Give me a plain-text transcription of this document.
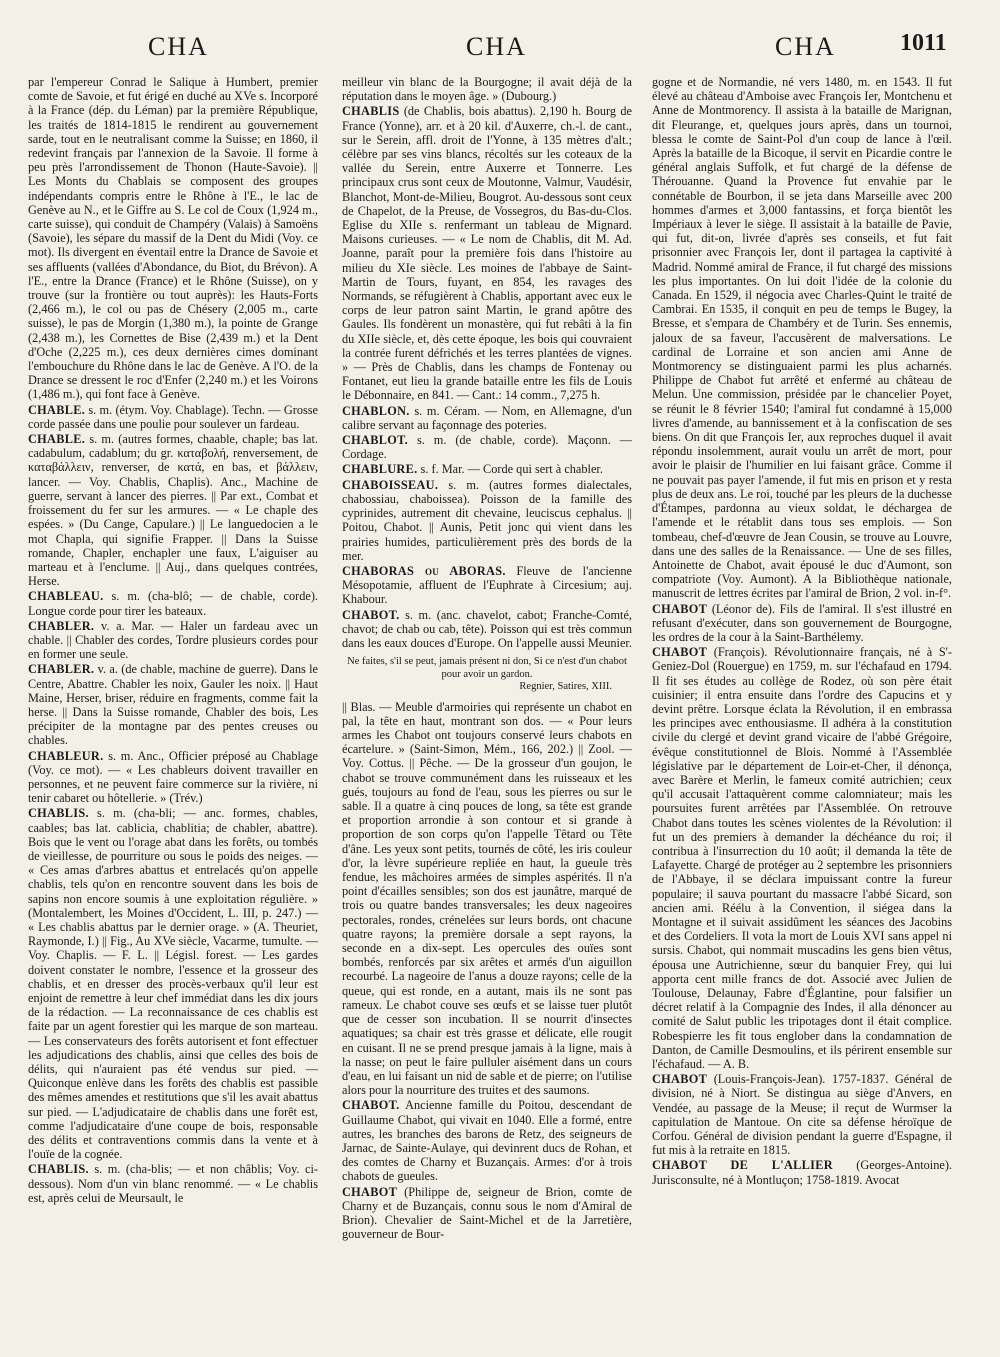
CHA	CHA	CHA	1011

par l'empereur Conrad le Salique à Humbert, premier comte de Savoie, et fut érigé en duché au XVe s. Incorporé à la France (dép. du Léman) par la première République, les traités de 1814-1815 le rendirent au gouvernement sarde, tout en le neutralisant comme la Suisse; en 1860, il redevint français par l'annexion de la Savoie. Il forme à peu près l'arrondissement de Thonon (Haute-Savoie). || Les Monts du Chablais se composent des groupes indépendants compris entre le Rhône à l'E., le lac de Genève au N., et le Giffre au S. Le col de Coux (1,924 m., carte suisse), qui conduit de Champéry (Valais) à Samoëns (Savoie), les sépare du massif de la Dent du Midi (Voy. ce mot). Ils divergent en éventail entre la Drance de Savoie et ses affluents (vallées d'Abondance, du Biot, du Brévon). A l'E., entre la Drance (France) et le Rhône (Suisse), on y trouve (sur la frontière ou tout auprès): les Hauts-Forts (2,466 m.), le col ou pas de Chésery (2,005 m., carte suisse), le pas de Morgin (1,380 m.), la pointe de Grange (2,438 m.), les Cornettes de Bise (2,439 m.) et la Dent d'Oche (2,225 m.), ces deux dernières cimes dominant l'embouchure du Rhône dans le lac de Genève. A l'O. de la Drance se dressent le roc d'Enfer (2,240 m.) et les Voirons (1,486 m.), qui font face à Genève.

CHABLE. s. m. (étym. Voy. Chablage). Techn. — Grosse corde passée dans une poulie pour soulever un fardeau.

CHABLE. s. m. (autres formes, chaable, chaple; bas lat. cadabulum, cadablum; du gr. καταβολή, renversement, de καταβάλλειν, renverser, de κατά, en bas, et βάλλειν, lancer. — Voy. Chablis, Chaplis). Anc., Machine de guerre, servant à lancer des pierres. || Par ext., Combat et froissement du fer sur les armures. — « Le chaple des espées. » (Du Cange, Capulare.) || Le languedocien a le mot Chapla, qui signifie Frapper. || Dans la Suisse romande, Chapler, enchapler une faux, L'aiguiser au marteau et à l'enclume. || Auj., dans quelques contrées, Herse.

CHABLEAU. s. m. (cha-blô; — de chable, corde). Longue corde pour tirer les bateaux.

CHABLER. v. a. Mar. — Haler un fardeau avec un chable. || Chabler des cordes, Tordre plusieurs cordes pour en former une seule.

CHABLER. v. a. (de chable, machine de guerre). Dans le Centre, Abattre. Chabler les noix, Gauler les noix. || Haut Maine, Herser, briser, réduire en fragments, comme fait la herse. || Dans la Suisse romande, Chabler des bois, Les précipiter de la montagne par des pentes creuses ou chables.

CHABLEUR. s. m. Anc., Officier préposé au Chablage (Voy. ce mot). — « Les chableurs doivent travailler en personnes, et ne peuvent faire commerce sur la rivière, ni tenir cabaret ou hôtellerie. » (Trév.)

CHABLIS. s. m. (cha-bli; — anc. formes, chables, caables; bas lat. cablicia, chablitia; de chabler, abattre). Bois que le vent ou l'orage abat dans les forêts, ou tombés de vieillesse, de pourriture ou sous le poids des neiges. — « Ces amas d'arbres abattus et entrelacés qu'on appelle chablis, tels qu'on en rencontre souvent dans les bois de sapins non encore soumis à une exploitation régulière. » (Montalembert, les Moines d'Occident, L. III, p. 247.) — « Les chablis abattus par le dernier orage. » (A. Theuriet, Raymonde, I.) || Fig., Au XVe siècle, Vacarme, tumulte. — Voy. Chaplis. — F. L. || Législ. forest. — Les gardes doivent constater le nombre, l'essence et la grosseur des chablis, et en dresser des procès-verbaux qu'il leur est enjoint de remettre à leur chef immédiat dans les dix jours de la rédaction. — La reconnaissance de ces chablis est faite par un agent forestier qui les marque de son marteau. — Les conservateurs des forêts autorisent et font effectuer les adjudications des chablis, ainsi que celles des bois de délits, qui n'auraient pas été vendus sur pied. — Quiconque enlève dans les forêts des chablis est passible des mêmes amendes et restitutions que s'il les avait abattus sur pied. — L'adjudicataire de chablis dans une forêt est, comme l'adjudicataire d'une coupe de bois, responsable des délits et contraventions commis dans la vente et à l'ouïe de la cognée.

CHABLIS. s. m. (cha-blis; — et non châblis; Voy. ci-dessous). Nom d'un vin blanc renommé. — « Le chablis est, après celui de Meursault, le

meilleur vin blanc de la Bourgogne; il avait déjà de la réputation dans le moyen âge. » (Dubourg.)

CHABLIS (de Chablis, bois abattus). 2,190 h. Bourg de France (Yonne), arr. et à 20 kil. d'Auxerre, ch.-l. de cant., sur le Serein, affl. droit de l'Yonne, à 135 mètres d'alt.; célèbre par ses vins blancs, récoltés sur les coteaux de la vallée du Serein, entre Auxerre et Tonnerre. Les principaux crus sont ceux de Moutonne, Valmur, Vaudésir, Blanchot, Mont-de-Milieu, Bougrot. Au-dessous sont ceux de Chapelot, de la Preuse, de Vossegros, du Bas-du-Clos. Eglise du XIIe s. renfermant un tableau de Mignard. Maisons curieuses. — « Le nom de Chablis, dit M. Ad. Joanne, paraît pour la première fois dans l'histoire au milieu du XIe siècle. Les moines de l'abbaye de Saint-Martin de Tours, fuyant, en 854, les ravages des Normands, se réfugièrent à Chablis, apportant avec eux le corps de leur patron saint Martin, le grand apôtre des Gaules. Ils fondèrent un monastère, qui fut rebâti à la fin du XIIe siècle, et, dès cette époque, les bois qui couvraient la contrée furent défrichés et les terres plantées de vignes. » — Près de Chablis, dans les champs de Fontenay ou Fontanet, eut lieu la grande bataille entre les fils de Louis le Débonnaire, en 841. — Cant.: 14 comm., 7,275 h.

CHABLON. s. m. Céram. — Nom, en Allemagne, d'un calibre servant au façonnage des poteries.

CHABLOT. s. m. (de chable, corde). Maçonn. — Cordage.

CHABLURE. s. f. Mar. — Corde qui sert à chabler.

CHABOISSEAU. s. m. (autres formes dialectales, chabossiau, chaboissea). Poisson de la famille des cyprinides, autrement dit chevaine, leuciscus cephalus. || Poitou, Chabot. || Aunis, Petit jonc qui vient dans les prairies humides, particulièrement près des bords de la mer.

CHABORAS ou ABORAS. Fleuve de l'ancienne Mésopotamie, affluent de l'Euphrate à Circesium; auj. Khabour.

CHABOT. s. m. (anc. chavelot, cabot; Franche-Comté, chavot; de chab ou cab, tête). Poisson qui est très commun dans les eaux douces d'Europe. On l'appelle aussi Meunier.

Ne faites, s'il se peut, jamais présent ni don, Si ce n'est d'un chabot pour avoir un gardon.
Regnier, Satires, XIII.

|| Blas. — Meuble d'armoiries qui représente un chabot en pal, la tête en haut, montrant son dos. — « Pour leurs armes les Chabot ont toujours conservé leurs chabots en écartelure. » (Saint-Simon, Mém., 166, 202.) || Zool. — Voy. Cottus. || Pêche. — De la grosseur d'un goujon, le chabot se trouve communément dans les ruisseaux et les gués, toujours au fond de l'eau, sous les pierres ou sur le sable. Il a quatre à cinq pouces de long, sa tête est grande et proportion arrondie à son contour et si grande à proportion de son corps qu'on l'appelle Têtard ou Tête d'âne. Les yeux sont petits, tournés de côté, les iris couleur d'or, la lèvre supérieure repliée en haut, la gueule très fendue, les mâchoires armées de simples aspérités. Il n'a point d'écailles sensibles; son dos est jaunâtre, marqué de trois ou quatre bandes transversales; les deux nageoires pectorales, rondes, crénelées sur leurs bords, ont chacune quatre rayons; la première dorsale a sept rayons, la seconde en a dix-sept. Les opercules des ouïes sont bombés, renforcés par six arêtes et armés d'un aiguillon recourbé. La nageoire de l'anus a douze rayons; celle de la queue, qui est ronde, en a autant, mais ils ne sont pas rameux. Le chabot couve ses œufs et se laisse tuer plutôt que de cesser son incubation. Il se nourrit d'insectes aquatiques; sa chair est très grasse et délicate, elle rougit en cuisant. Il ne se prend presque jamais à la ligne, mais à la nasse; on peut le faire pulluler aisément dans un cours d'eau, en lui faisant un nid de sable et de pierre; on l'utilise alors pour la nourriture des truites et des saumons.

CHABOT. Ancienne famille du Poitou, descendant de Guillaume Chabot, qui vivait en 1040. Elle a formé, entre autres, les branches des barons de Retz, des seigneurs de Jarnac, de Sainte-Aulaye, qui devinrent ducs de Rohan, et des comtes de Charny et Buzançais. Armes: d'or à trois chabots de gueules.

CHABOT (Philippe de, seigneur de Brion, comte de Charny et de Buzançais, connu sous le nom d'Amiral de Brion). Chevalier de Saint-Michel et de la Jarretière, gouverneur de Bour-

gogne et de Normandie, né vers 1480, m. en 1543. Il fut élevé au château d'Amboise avec François Ier, Montchenu et Anne de Montmorency. Il assista à la bataille de Marignan, dit Fleurange, et, quelques jours après, dans un tournoi, blessa le comte de Saint-Pol d'un coup de lance à l'œil. Après la bataille de la Bicoque, il servit en Picardie contre le général anglais Suffolk, et fut chargé de la défense de Thérouanne. Quand la Provence fut envahie par le connétable de Bourbon, il se jeta dans Marseille avec 200 hommes d'armes et 3,000 fantassins, et força bientôt les Impériaux à lever le siège. Il assistait à la bataille de Pavie, qui fut, dit-on, livrée d'après ses conseils, et fut fait prisonnier avec François Ier, dont il partagea la captivité à Madrid. Nommé amiral de France, il fut chargé des missions les plus importantes. On lui doit l'idée de la colonie du Canada. En 1529, il négocia avec Charles-Quint le traité de Cambrai. En 1535, il conquit en peu de temps le Bugey, la Bresse, et s'empara de Chambéry et de Turin. Ses ennemis, jaloux de sa faveur, l'accusèrent de malversations. Le cardinal de Lorraine et son ancien ami Anne de Montmorency se distinguaient parmi les plus acharnés. Philippe de Chabot fut arrêté et enfermé au château de Melun. Une commission, présidée par le chancelier Poyet, se réunit le 8 février 1540; l'amiral fut condamné à 15,000 livres d'amende, au bannissement et à la confiscation de ses biens. On dit que François Ier, aux reproches duquel il avait répondu insolemment, aurait voulu un arrêt de mort, pour avoir le plaisir de l'humilier en lui faisant grâce. Comme il ne pouvait pas payer l'amende, il fut mis en prison et y resta plus de deux ans. Le roi, touché par les pleurs de la duchesse d'Étampes, pardonna au vieux soldat, le déchargea de l'amende et le rétablit dans tous ses emplois. — Son tombeau, chef-d'œuvre de Jean Cousin, se trouve au Louvre, dans une des salles de la Renaissance. — Une de ses filles, Antoinette de Chabot, avait épousé le duc d'Aumont, son compatriote (Voy. Aumont). A la Bibliothèque nationale, manuscrit de lettres écrites par l'amiral de Brion, 2 vol. in-f°.

CHABOT (Léonor de). Fils de l'amiral. Il s'est illustré en refusant d'exécuter, dans son gouvernement de Bourgogne, les ordres de la cour à la Saint-Barthélemy.

CHABOT (François). Révolutionnaire français, né à S'-Geniez-Dol (Rouergue) en 1759, m. sur l'échafaud en 1794. Il fit ses études au collège de Rodez, où son père était cuisinier; il entra ensuite dans l'ordre des Capucins et y devint prêtre. Lorsque éclata la Révolution, il en embrassa les principes avec enthousiasme. Il adhéra à la constitution civile du clergé et devint grand vicaire de l'abbé Grégoire, évêque constitutionnel de Blois. Nommé à l'Assemblée législative par le département de Loir-et-Cher, il dénonça, avec Barère et Merlin, le fameux comité autrichien; ceux qu'il accusait l'attaquèrent comme calomniateur; mais les poursuites furent arrêtées par l'Assemblée. On retrouve Chabot dans toutes les scènes violentes de la Révolution: il fut un des premiers à demander la déchéance du roi; il contribua à l'insurrection du 10 août; il demanda la tête de Lafayette. Chargé de protéger au 2 septembre les prisonniers de l'Abbaye, il se déclara impuissant contre la fureur populaire; il sauva pourtant du massacre l'abbé Sicard, son ancien ami. Réélu à la Convention, il siégea dans la Montagne et il suivait assidûment les séances des Jacobins et des Cordeliers. Il vota la mort de Louis XVI sans appel ni sursis. Chabot, qui nommait muscadins les gens bien vêtus, épousa une Autrichienne, sœur du banquier Frey, qui lui apporta cent mille francs de dot. Associé avec Julien de Toulouse, Delaunay, Fabre d'Églantine, pour falsifier un décret relatif à la Compagnie des Indes, il alla dénoncer au comité de Salut public les tripotages dont il était complice. Robespierre les fit tous englober dans la condamnation de Danton, de Camille Desmoulins, et ils périrent ensemble sur l'échafaud. — A. B.

CHABOT (Louis-François-Jean). 1757-1837. Général de division, né à Niort. Se distingua au siège d'Anvers, en Vendée, au passage de la Meuse; il reçut de Wurmser la capitulation de Mantoue. On cite sa défense héroïque de Corfou. Général de division pendant la guerre d'Espagne, il fut mis à la retraite en 1815.

CHABOT DE L'ALLIER (Georges-Antoine). Jurisconsulte, né à Montluçon; 1758-1819. Avocat
